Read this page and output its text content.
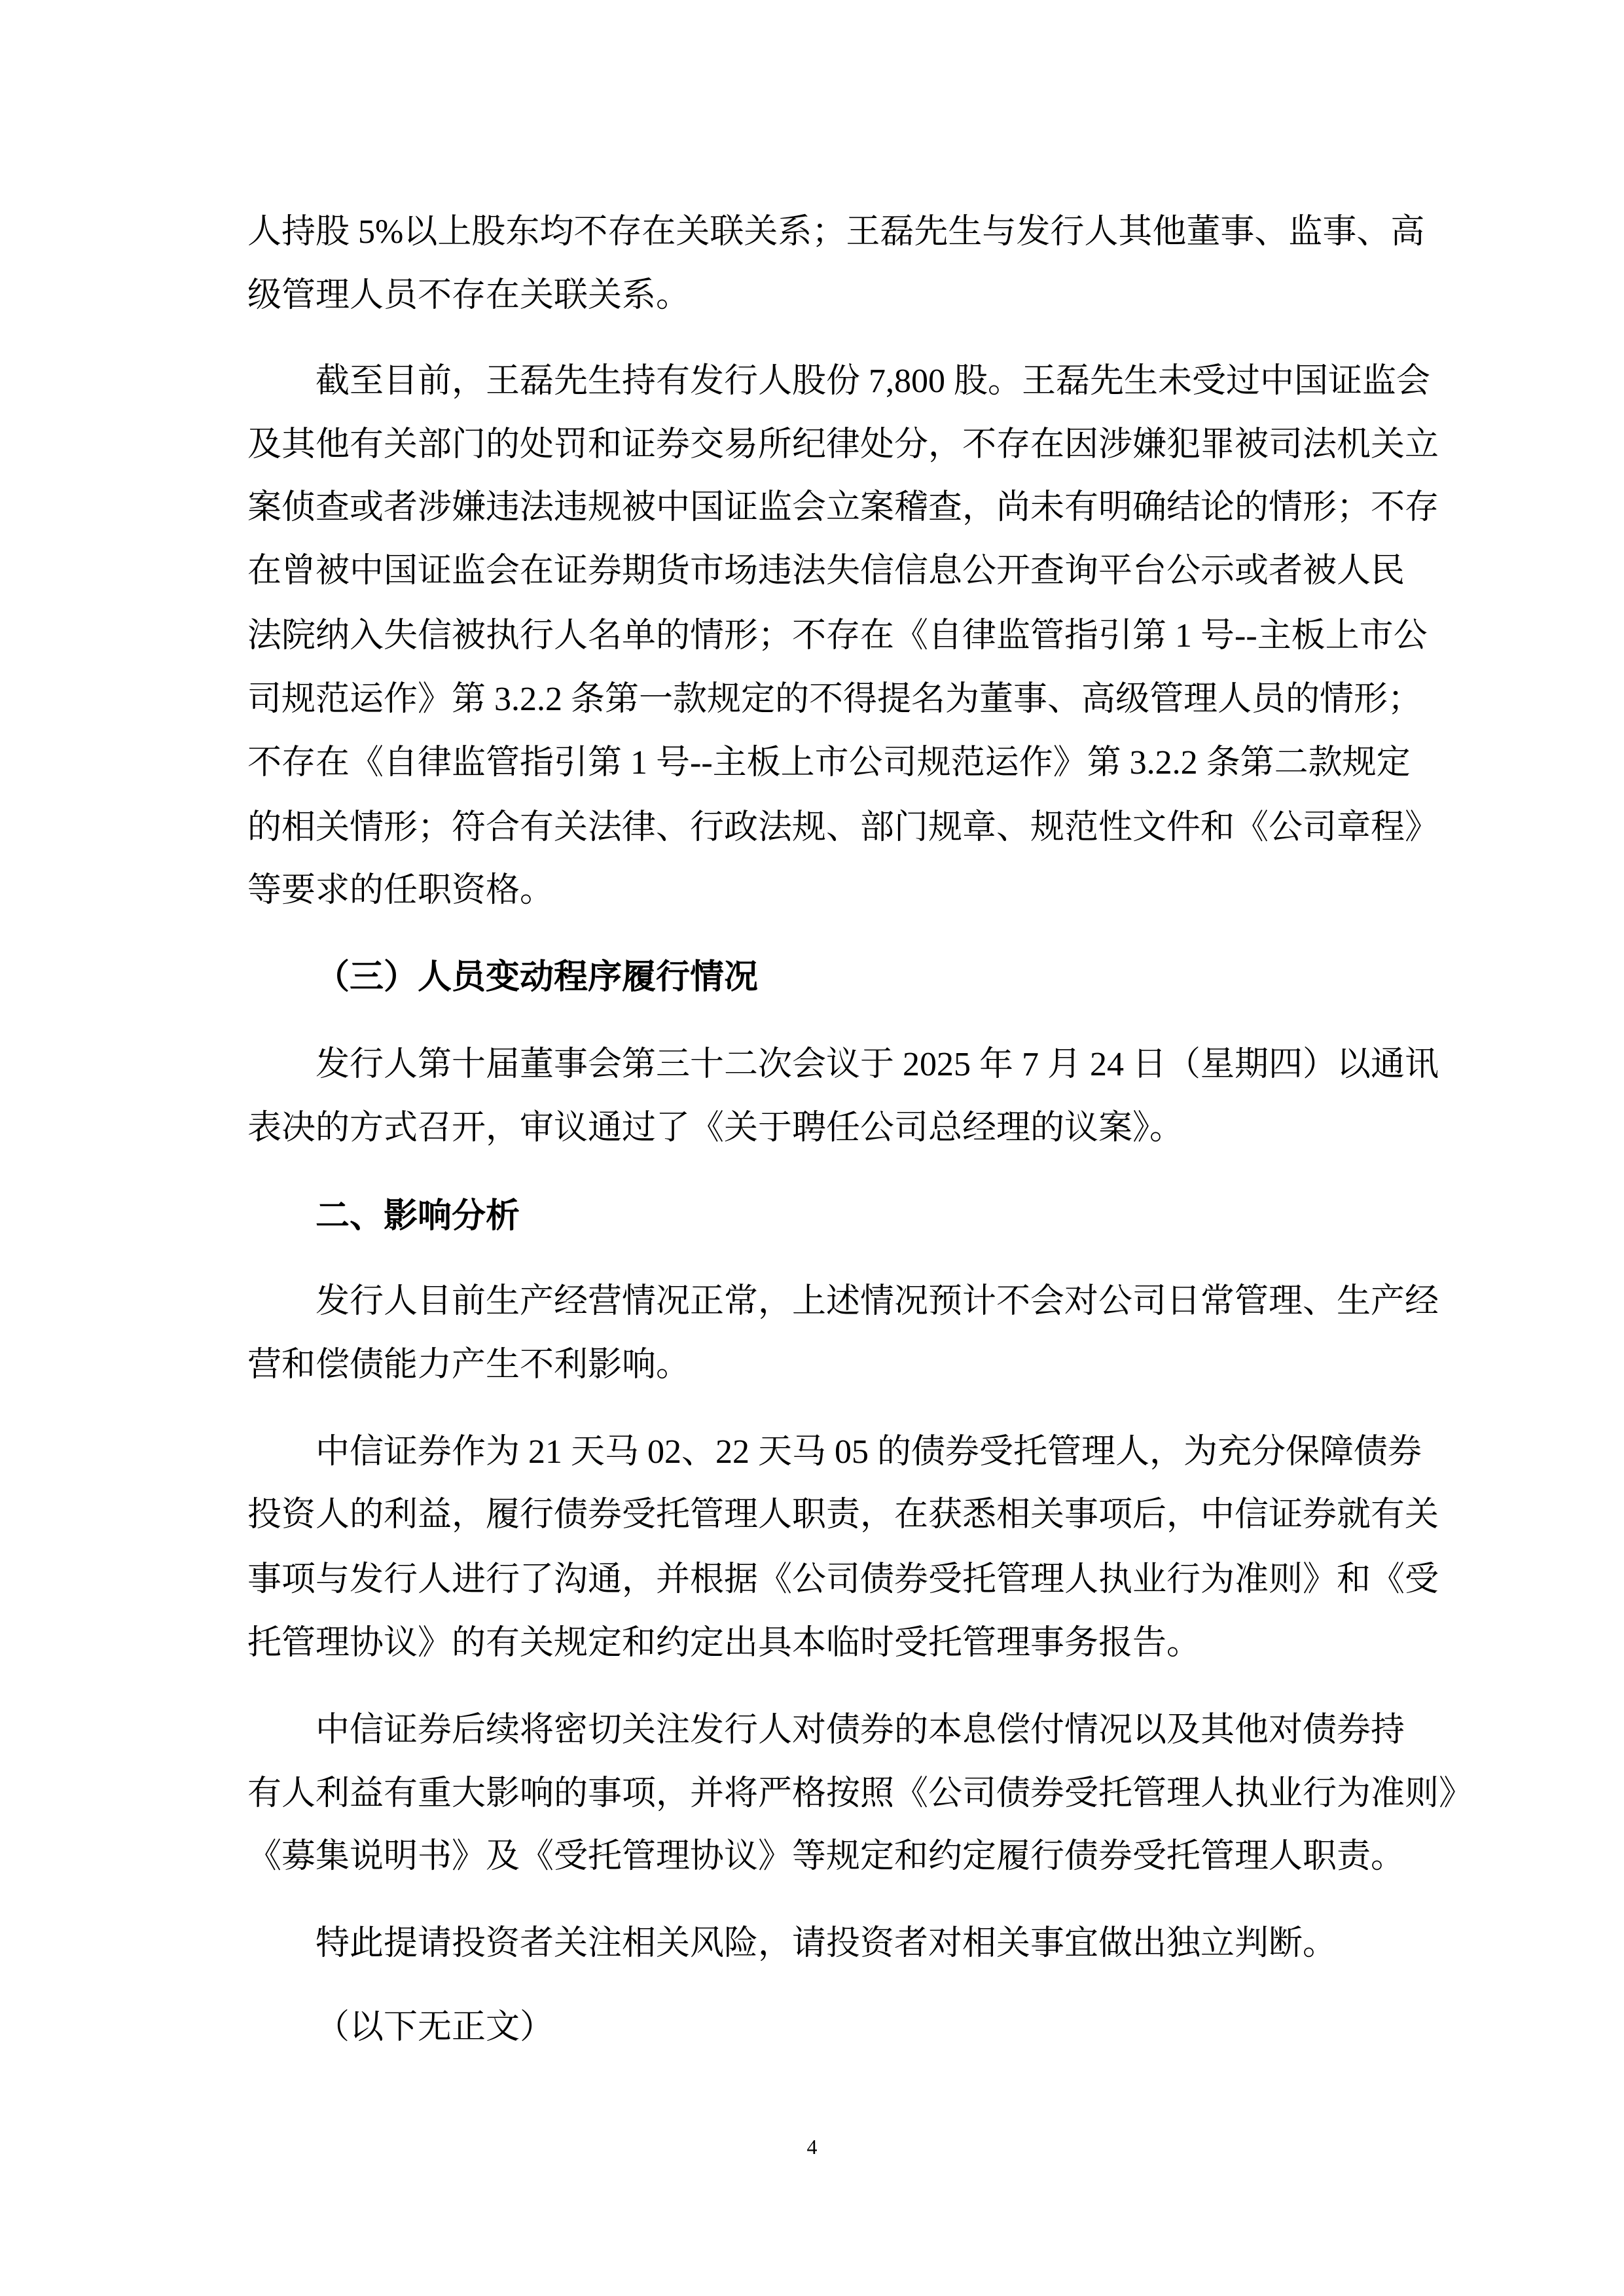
人持股 5%以上股东均不存在关联关系；王磊先生与发行人其他董事、监事、高
级管理人员不存在关联关系。
截至目前，王磊先生持有发行人股份 7,800 股。王磊先生未受过中国证监会
及其他有关部门的处罚和证券交易所纪律处分，不存在因涉嫌犯罪被司法机关立
案侦查或者涉嫌违法违规被中国证监会立案稽查，尚未有明确结论的情形；不存
在曾被中国证监会在证券期货市场违法失信信息公开查询平台公示或者被人民
法院纳入失信被执行人名单的情形；不存在《自律监管指引第 1 号--主板上市公
司规范运作》第 3.2.2 条第一款规定的不得提名为董事、高级管理人员的情形；
不存在《自律监管指引第 1 号--主板上市公司规范运作》第 3.2.2 条第二款规定
的相关情形；符合有关法律、行政法规、部门规章、规范性文件和《公司章程》
等要求的任职资格。
（三）人员变动程序履行情况
发行人第十届董事会第三十二次会议于 2025 年 7 月 24 日（星期四）以通讯
表决的方式召开，审议通过了《关于聘任公司总经理的议案》。
二、影响分析
发行人目前生产经营情况正常，上述情况预计不会对公司日常管理、生产经
营和偿债能力产生不利影响。
中信证券作为 21 天马 02、22 天马 05 的债券受托管理人，为充分保障债券
投资人的利益，履行债券受托管理人职责，在获悉相关事项后，中信证券就有关
事项与发行人进行了沟通，并根据《公司债券受托管理人执业行为准则》和《受
托管理协议》的有关规定和约定出具本临时受托管理事务报告。
中信证券后续将密切关注发行人对债券的本息偿付情况以及其他对债券持
有人利益有重大影响的事项，并将严格按照《公司债券受托管理人执业行为准则》
《募集说明书》及《受托管理协议》等规定和约定履行债券受托管理人职责。
特此提请投资者关注相关风险，请投资者对相关事宜做出独立判断。
（以下无正文）
4
